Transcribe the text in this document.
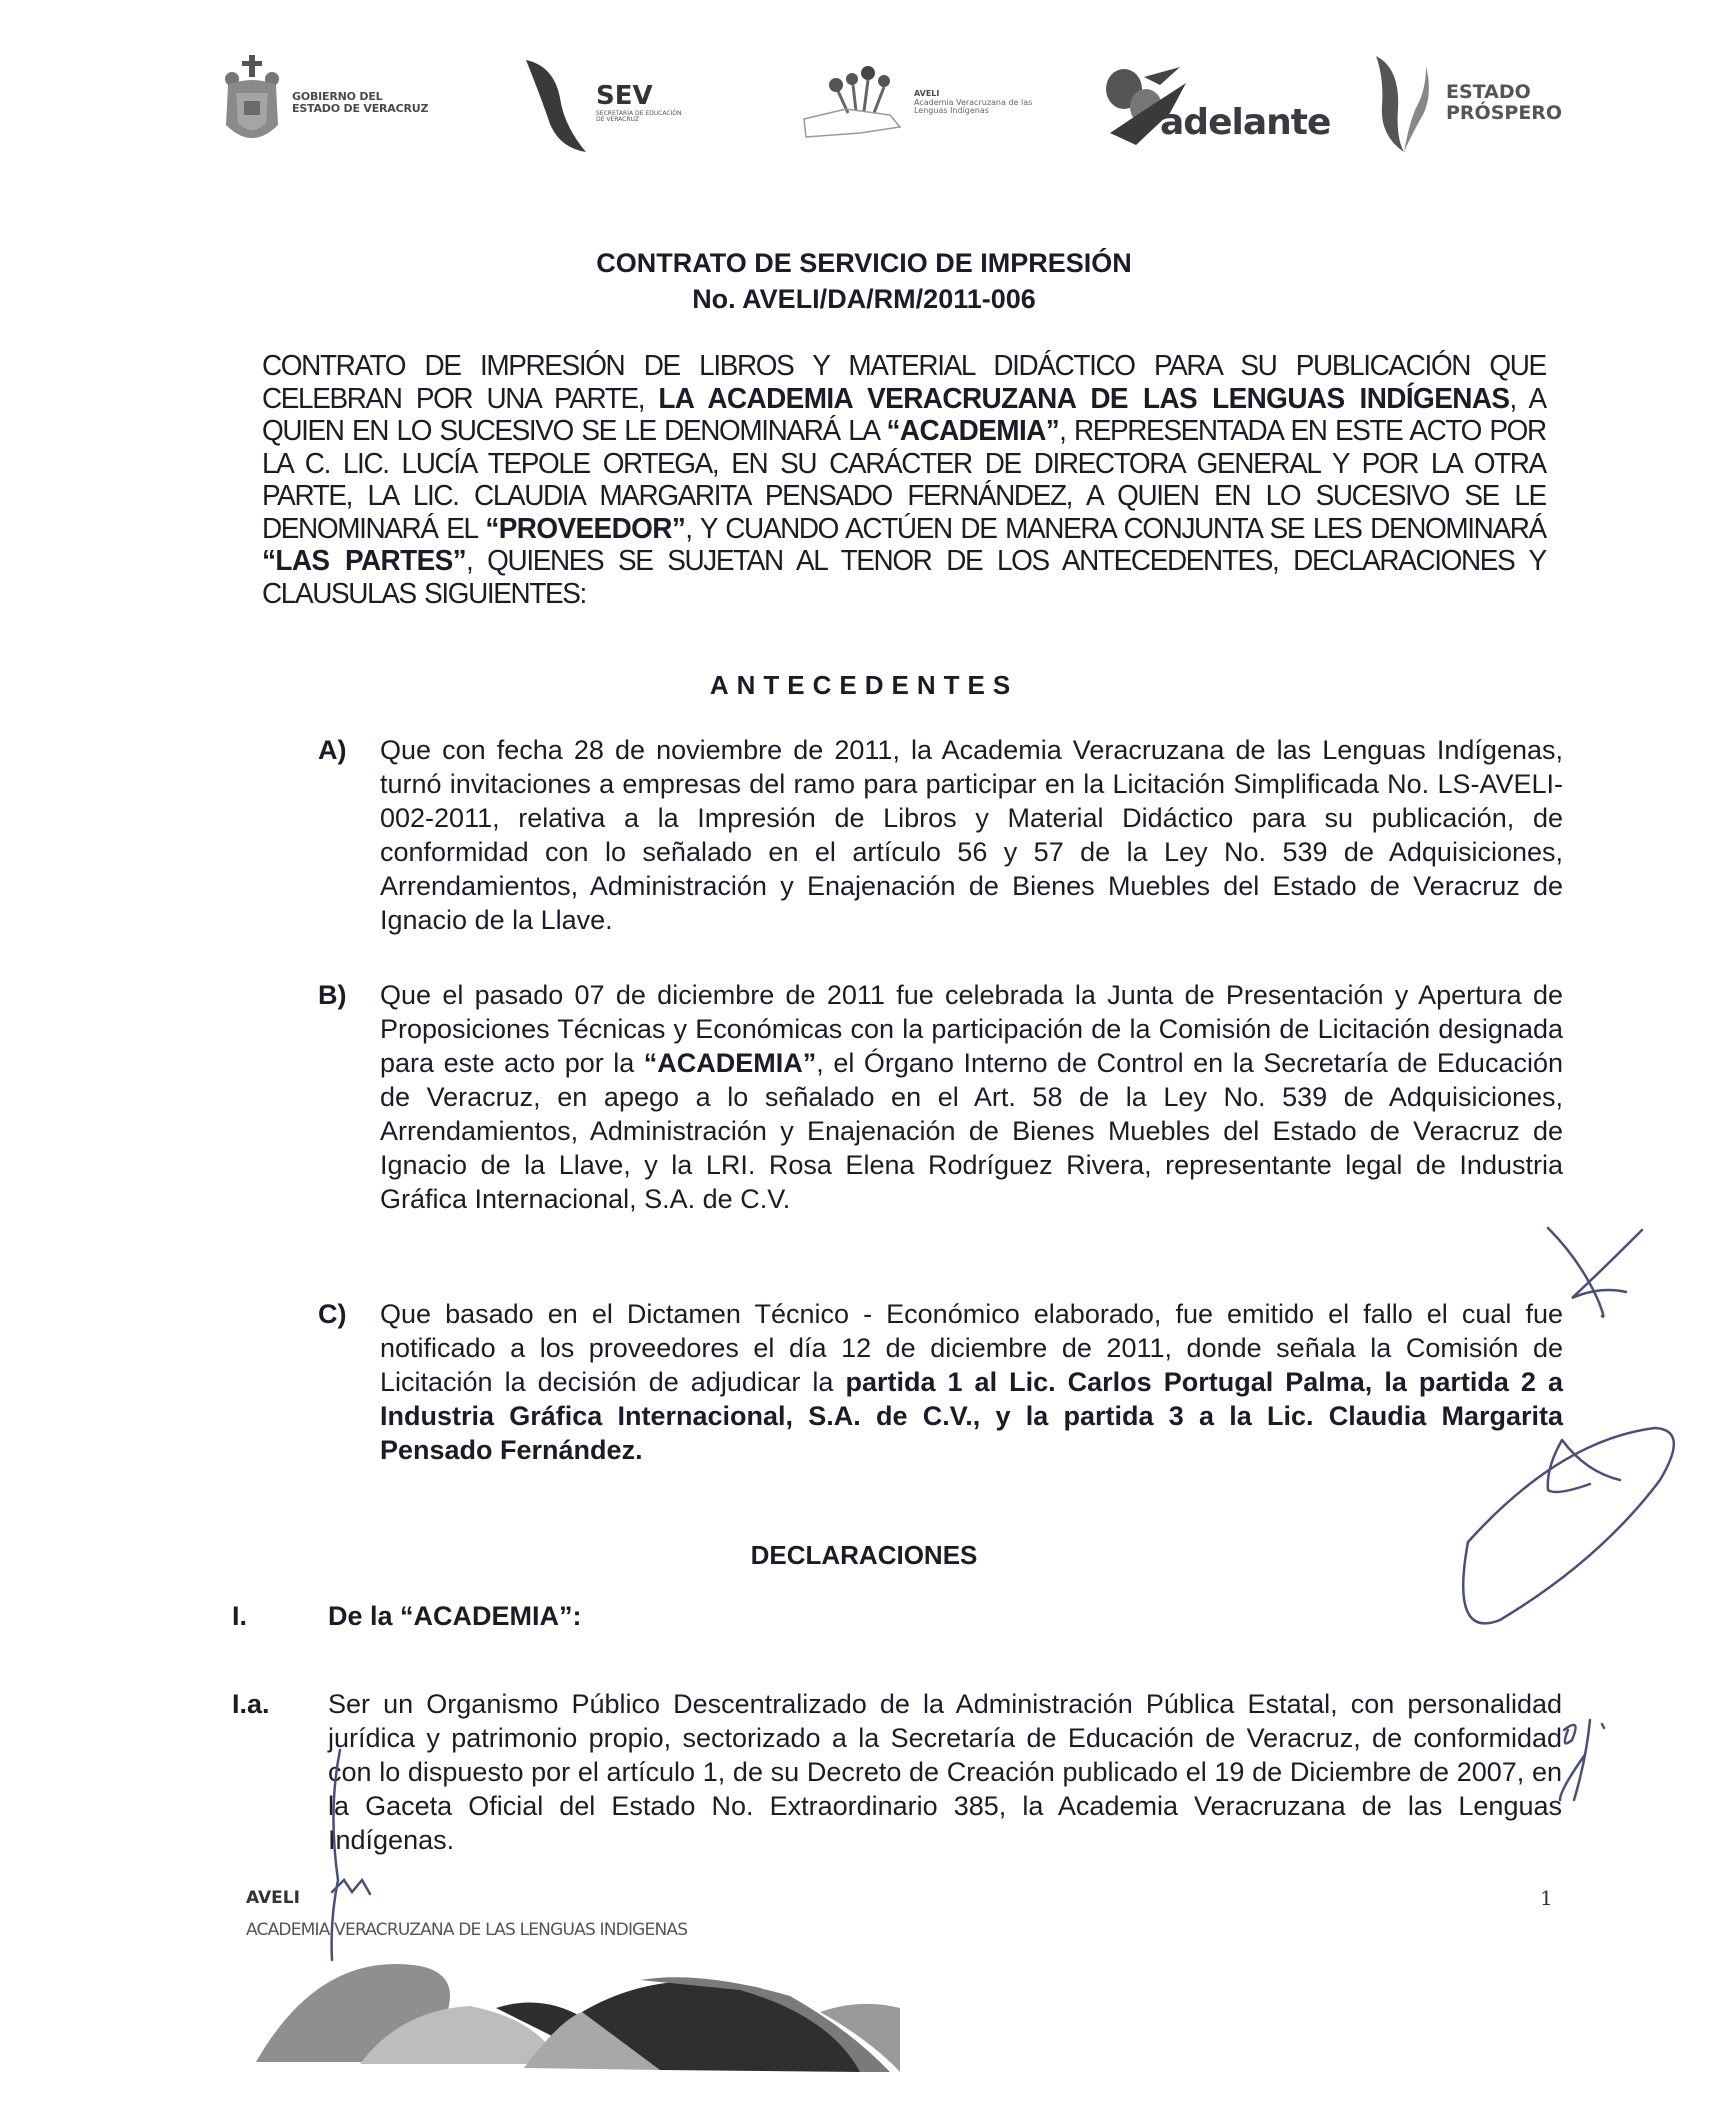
GOBIERNO DEL
ESTADO DE VERACRUZ	SEV
SECRETARÍA DE EDUCACIÓN
DE VERACRUZ
AVELI
Academia Veracruzana de las
Lenguas Indígenas	adelante
ESTADO
PRÓSPERO
CONTRATO DE SERVICIO DE IMPRESIÓN
No. AVELI/DA/RM/2011-006
CONTRATO DE IMPRESIÓN DE LIBROS Y MATERIAL DIDÁCTICO PARA SU PUBLICACIÓN QUE CELEBRAN POR UNA PARTE, LA ACADEMIA VERACRUZANA DE LAS LENGUAS INDÍGENAS, A QUIEN EN LO SUCESIVO SE LE DENOMINARÁ LA “ACADEMIA”, REPRESENTADA EN ESTE ACTO POR LA C. LIC. LUCÍA TEPOLE ORTEGA, EN SU CARÁCTER DE DIRECTORA GENERAL Y POR LA OTRA PARTE, LA LIC. CLAUDIA MARGARITA PENSADO FERNÁNDEZ, A QUIEN EN LO SUCESIVO SE LE DENOMINARÁ EL “PROVEEDOR”, Y CUANDO ACTÚEN DE MANERA CONJUNTA SE LES DENOMINARÁ “LAS PARTES”, QUIENES SE SUJETAN AL TENOR DE LOS ANTECEDENTES, DECLARACIONES Y CLAUSULAS SIGUIENTES:
ANTECEDENTES
A) Que con fecha 28 de noviembre de 2011, la Academia Veracruzana de las Lenguas Indígenas, turnó invitaciones a empresas del ramo para participar en la Licitación Simplificada No. LS-AVELI-002-2011, relativa a la Impresión de Libros y Material Didáctico para su publicación, de conformidad con lo señalado en el artículo 56 y 57 de la Ley No. 539 de Adquisiciones, Arrendamientos, Administración y Enajenación de Bienes Muebles del Estado de Veracruz de Ignacio de la Llave.
B) Que el pasado 07 de diciembre de 2011 fue celebrada la Junta de Presentación y Apertura de Proposiciones Técnicas y Económicas con la participación de la Comisión de Licitación designada para este acto por la “ACADEMIA”, el Órgano Interno de Control en la Secretaría de Educación de Veracruz, en apego a lo señalado en el Art. 58 de la Ley No. 539 de Adquisiciones, Arrendamientos, Administración y Enajenación de Bienes Muebles del Estado de Veracruz de Ignacio de la Llave, y la LRI. Rosa Elena Rodríguez Rivera, representante legal de Industria Gráfica Internacional, S.A. de C.V.
C) Que basado en el Dictamen Técnico - Económico elaborado, fue emitido el fallo el cual fue notificado a los proveedores el día 12 de diciembre de 2011, donde señala la Comisión de Licitación la decisión de adjudicar la partida 1 al Lic. Carlos Portugal Palma, la partida 2 a Industria Gráfica Internacional, S.A. de C.V., y la partida 3 a la Lic. Claudia Margarita Pensado Fernández.
DECLARACIONES
I.	De la “ACADEMIA”:
I.a. Ser un Organismo Público Descentralizado de la Administración Pública Estatal, con personalidad jurídica y patrimonio propio, sectorizado a la Secretaría de Educación de Veracruz, de conformidad con lo dispuesto por el artículo 1, de su Decreto de Creación publicado el 19 de Diciembre de 2007, en la Gaceta Oficial del Estado No. Extraordinario 385, la Academia Veracruzana de las Lenguas Indígenas.
AVELI
ACADEMIA VERACRUZANA DE LAS LENGUAS INDIGENAS
1
